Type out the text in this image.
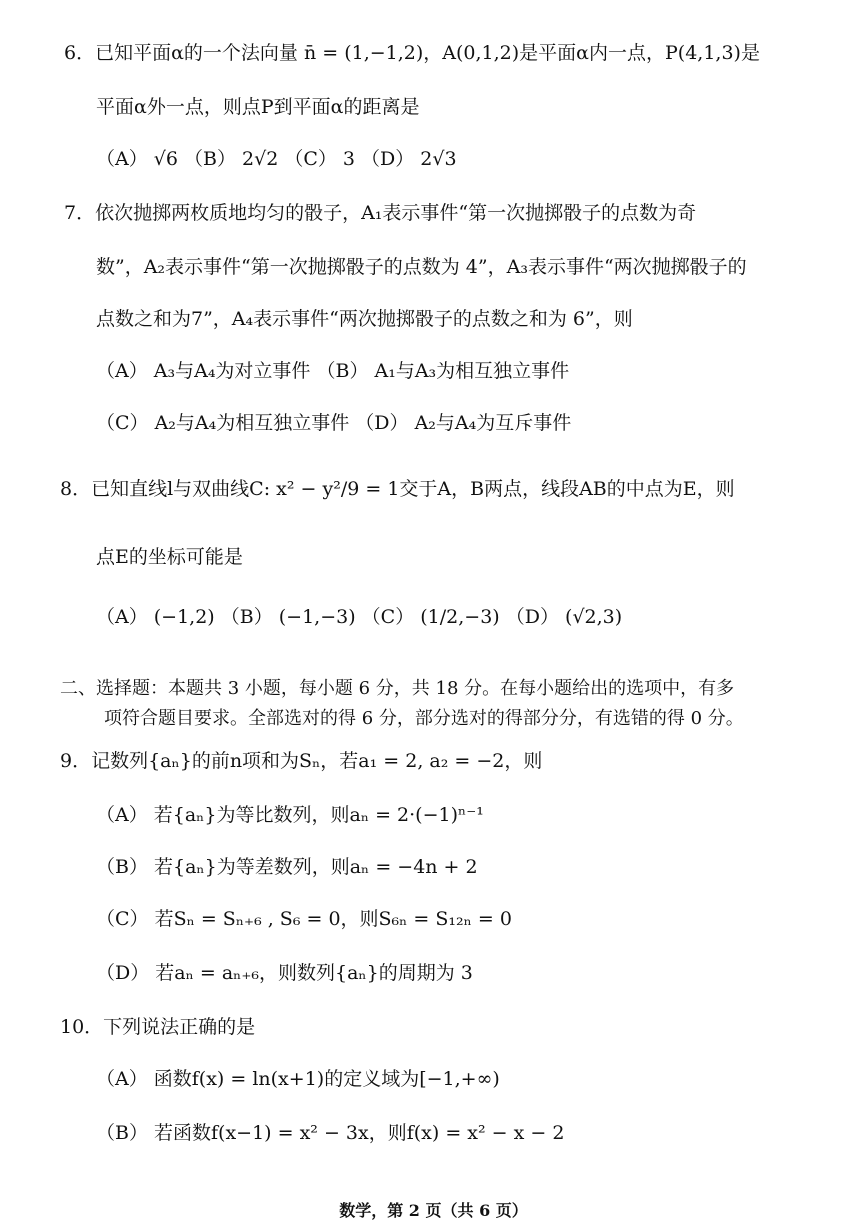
6．已知平面α的一个法向量 n̄ = (1,−1,2)，A(0,1,2)是平面α内一点，P(4,1,3)是
平面α外一点，则点P到平面α的距离是
（A） √6 （B） 2√2 （C） 3 （D） 2√3
7．依次抛掷两枚质地均匀的骰子，A₁表示事件“第一次抛掷骰子的点数为奇
数”，A₂表示事件“第一次抛掷骰子的点数为 4”，A₃表示事件“两次抛掷骰子的
点数之和为7”，A₄表示事件“两次抛掷骰子的点数之和为 6”，则
（A） A₃与A₄为对立事件 （B） A₁与A₃为相互独立事件
（C） A₂与A₄为相互独立事件 （D） A₂与A₄为互斥事件
8．已知直线l与双曲线C: x² − y²/9 = 1交于A，B两点，线段AB的中点为E，则
点E的坐标可能是
（A） (−1,2) （B） (−1,−3) （C） (1/2,−3) （D） (√2,3)
二、选择题：本题共 3 小题，每小题 6 分，共 18 分。在每小题给出的选项中，有多
项符合题目要求。全部选对的得 6 分，部分选对的得部分分，有选错的得 0 分。
9．记数列{aₙ}的前n项和为Sₙ，若a₁ = 2, a₂ = −2，则
（A） 若{aₙ}为等比数列，则aₙ = 2·(−1)ⁿ⁻¹
（B） 若{aₙ}为等差数列，则aₙ = −4n + 2
（C） 若Sₙ = Sₙ₊₆ , S₆ = 0，则S₆ₙ = S₁₂ₙ = 0
（D） 若aₙ = aₙ₊₆，则数列{aₙ}的周期为 3
10．下列说法正确的是
（A） 函数f(x) = ln(x+1)的定义域为[−1,+∞)
（B） 若函数f(x−1) = x² − 3x，则f(x) = x² − x − 2
数学，第 2 页（共 6 页）
